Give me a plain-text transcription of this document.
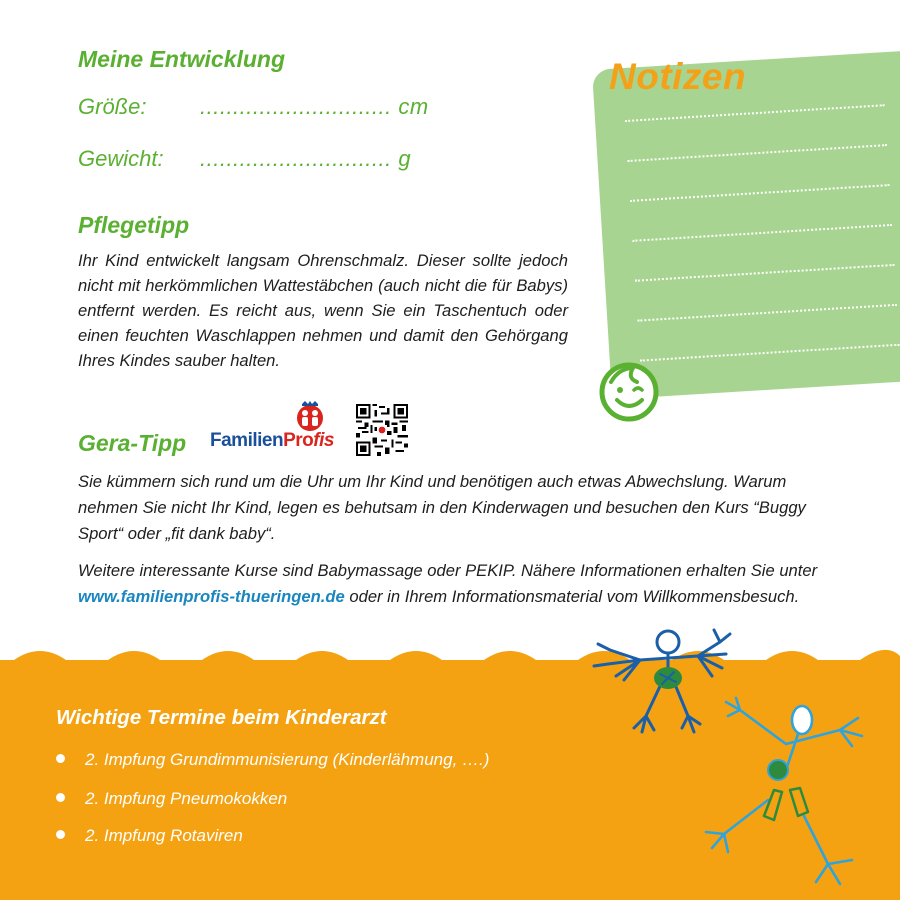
Meine Entwicklung
Größe: ............................. cm
Gewicht: ............................. g
Pflegetipp

Ihr Kind entwickelt langsam Ohrenschmalz. Dieser sollte jedoch nicht mit herkömmlichen Wattestäbchen (auch nicht die für Babys) entfernt werden. Es reicht aus, wenn Sie ein Taschentuch oder einen feuchten Waschlappen nehmen und damit den Gehörgang Ihres Kindes sauber halten.

Gera-Tipp FamilienProfis

Sie kümmern sich rund um die Uhr um Ihr Kind und benötigen auch etwas Abwechslung. Warum nehmen Sie nicht Ihr Kind, legen es behutsam in den Kinderwagen und besuchen den Kurs “Buggy Sport“ oder „fit dank baby“.

Weitere interessante Kurse sind Babymassage oder PEKIP. Nähere Informationen erhalten Sie unter www.familienprofis-thueringen.de oder in Ihrem Informationsmaterial vom Willkommensbesuch.

Notizen
Wichtige Termine beim Kinderarzt
2. Impfung Grundimmunisierung (Kinderlähmung, ….)
2. Impfung Pneumokokken
2. Impfung Rotaviren
